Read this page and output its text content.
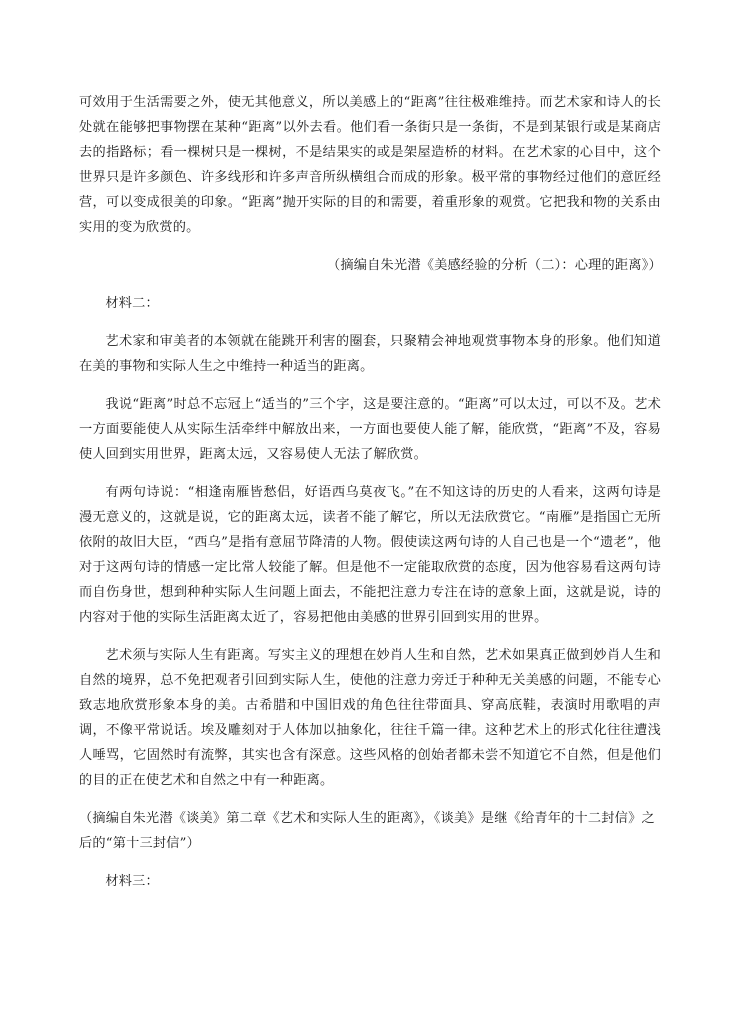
可效用于生活需要之外，使无其他意义，所以美感上的“距离”往往极难维持。而艺术家和诗人的长处就在能够把事物摆在某种“距离”以外去看。他们看一条街只是一条街，不是到某银行或是某商店去的指路标；看一棵树只是一棵树，不是结果实的或是架屋造桥的材料。在艺术家的心目中，这个世界只是许多颜色、许多线形和许多声音所纵横组合而成的形象。极平常的事物经过他们的意匠经营，可以变成很美的印象。“距离”抛开实际的目的和需要，着重形象的观赏。它把我和物的关系由实用的变为欣赏的。

（摘编自朱光潜《美感经验的分析（二）：心理的距离》）

材料二：

艺术家和审美者的本领就在能跳开利害的圈套，只聚精会神地观赏事物本身的形象。他们知道在美的事物和实际人生之中维持一种适当的距离。

我说“距离”时总不忘冠上“适当的”三个字，这是要注意的。“距离”可以太过，可以不及。艺术一方面要能使人从实际生活牵绊中解放出来，一方面也要使人能了解，能欣赏，“距离”不及，容易使人回到实用世界，距离太远，又容易使人无法了解欣赏。

有两句诗说：“相逢南雁皆愁侣，好语西乌莫夜飞。”在不知这诗的历史的人看来，这两句诗是漫无意义的，这就是说，它的距离太远，读者不能了解它，所以无法欣赏它。“南雁”是指国亡无所依附的故旧大臣，“西乌”是指有意屈节降清的人物。假使读这两句诗的人自己也是一个“遗老”，他对于这两句诗的情感一定比常人较能了解。但是他不一定能取欣赏的态度，因为他容易看这两句诗而自伤身世，想到种种实际人生问题上面去，不能把注意力专注在诗的意象上面，这就是说，诗的内容对于他的实际生活距离太近了，容易把他由美感的世界引回到实用的世界。

艺术须与实际人生有距离。写实主义的理想在妙肖人生和自然，艺术如果真正做到妙肖人生和自然的境界，总不免把观者引回到实际人生，使他的注意力旁迁于种种无关美感的问题，不能专心致志地欣赏形象本身的美。古希腊和中国旧戏的角色往往带面具、穿高底鞋，表演时用歌唱的声调，不像平常说话。埃及雕刻对于人体加以抽象化，往往千篇一律。这种艺术上的形式化往往遭浅人唾骂，它固然时有流弊，其实也含有深意。这些风格的创始者都未尝不知道它不自然，但是他们的目的正在使艺术和自然之中有一种距离。

（摘编自朱光潜《谈美》第二章《艺术和实际人生的距离》，《谈美》是继《给青年的十二封信》之后的“第十三封信”）

材料三：
